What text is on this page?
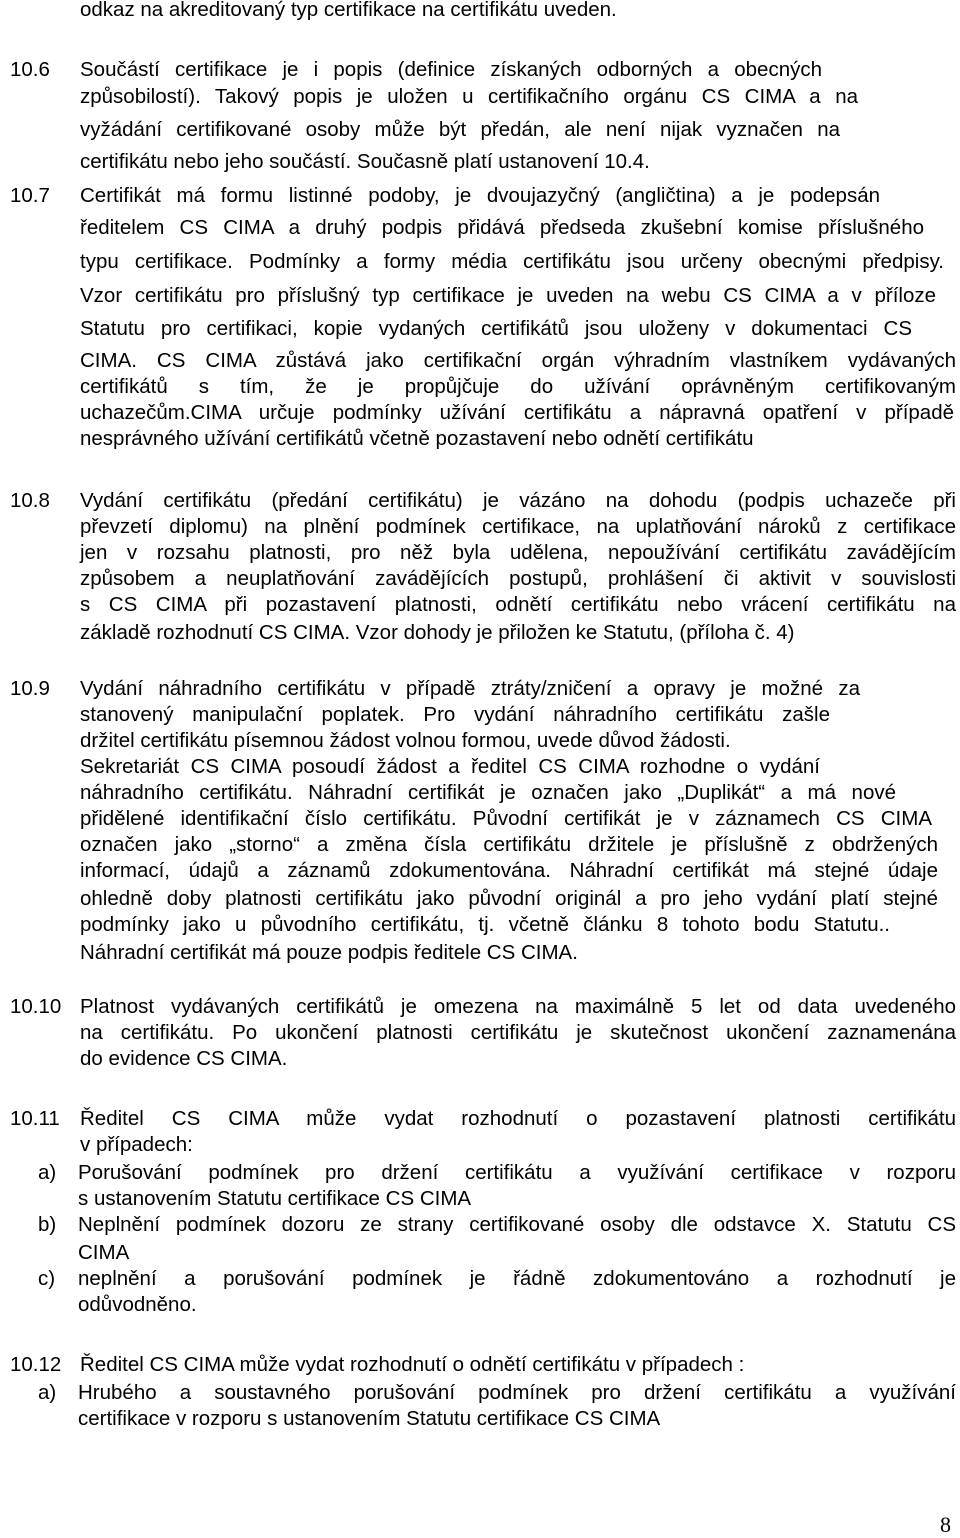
odkaz na akreditovaný typ certifikace na certifikátu uveden.

10.6 Součástí certifikace je i popis (definice získaných odborných a obecných

způsobilostí). Takový popis je uložen u certifikačního orgánu CS CIMA a na

vyžádání certifikované osoby může být předán, ale není nijak vyznačen na

certifikátu nebo jeho součástí. Současně platí ustanovení 10.4.

10.7 Certifikát má formu listinné podoby, je dvoujazyčný (angličtina) a je podepsán

ředitelem CS CIMA a druhý podpis přidává předseda zkušební komise příslušného

typu certifikace. Podmínky a formy média certifikátu jsou určeny obecnými předpisy.

Vzor certifikátu pro příslušný typ certifikace je uveden na webu CS CIMA a v příloze

Statutu pro certifikaci, kopie vydaných certifikátů jsou uloženy v dokumentaci CS

CIMA. CS CIMA zůstává jako certifikační orgán výhradním vlastníkem vydávaných

certifikátů s tím, že je propůjčuje do užívání oprávněným certifikovaným

uchazečům.CIMA určuje podmínky užívání certifikátu a nápravná opatření v případě

nesprávného užívání certifikátů včetně pozastavení nebo odnětí certifikátu

10.8 Vydání certifikátu (předání certifikátu) je vázáno na dohodu (podpis uchazeče při

převzetí diplomu) na plnění podmínek certifikace, na uplatňování nároků z certifikace

jen v rozsahu platnosti, pro něž byla udělena, nepoužívání certifikátu zavádějícím

způsobem a neuplatňování zavádějících postupů, prohlášení či aktivit v souvislosti

s CS CIMA při pozastavení platnosti, odnětí certifikátu nebo vrácení certifikátu na

základě rozhodnutí CS CIMA. Vzor dohody je přiložen ke Statutu, (příloha č. 4)

10.9 Vydání náhradního certifikátu v případě ztráty/zničení a opravy je možné za

stanovený manipulační poplatek. Pro vydání náhradního certifikátu zašle

držitel certifikátu písemnou žádost volnou formou, uvede důvod žádosti.

Sekretariát CS CIMA posoudí žádost a ředitel CS CIMA rozhodne o vydání

náhradního certifikátu. Náhradní certifikát je označen jako „Duplikát“ a má nové

přidělené identifikační číslo certifikátu. Původní certifikát je v záznamech CS CIMA

označen jako „storno“ a změna čísla certifikátu držitele je příslušně z obdržených

informací, údajů a záznamů zdokumentována. Náhradní certifikát má stejné údaje

ohledně doby platnosti certifikátu jako původní originál a pro jeho vydání platí stejné

podmínky jako u původního certifikátu, tj. včetně článku 8 tohoto bodu Statutu..

Náhradní certifikát má pouze podpis ředitele CS CIMA.

10.10 Platnost vydávaných certifikátů je omezena na maximálně 5 let od data uvedeného

na certifikátu. Po ukončení platnosti certifikátu je skutečnost ukončení zaznamenána

do evidence CS CIMA.

10.11 Ředitel CS CIMA může vydat rozhodnutí o pozastavení platnosti certifikátu

v případech:

a) Porušování podmínek pro držení certifikátu a využívání certifikace v rozporu

s ustanovením Statutu certifikace CS CIMA

b) Neplnění podmínek dozoru ze strany certifikované osoby dle odstavce X. Statutu CS

CIMA

c) neplnění a porušování podmínek je řádně zdokumentováno a rozhodnutí je

odůvodněno.

10.12 Ředitel CS CIMA může vydat rozhodnutí o odnětí certifikátu v případech :

a) Hrubého a soustavného porušování podmínek pro držení certifikátu a využívání

certifikace v rozporu s ustanovením Statutu certifikace CS CIMA

8
